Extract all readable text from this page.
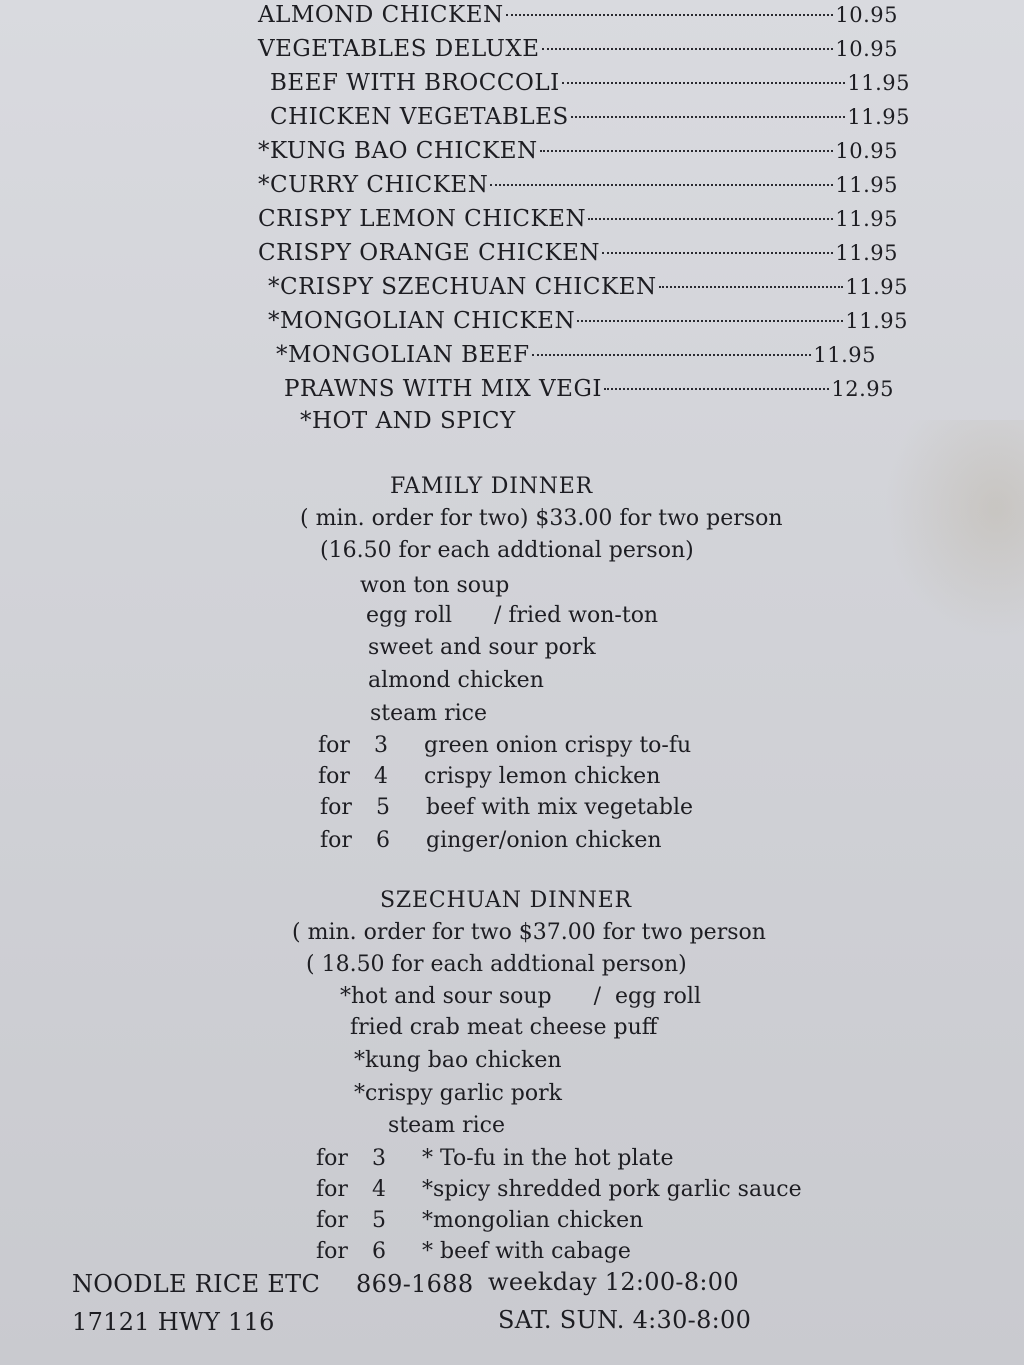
ALMOND CHICKEN	10.95
VEGETABLES DELUXE	10.95
BEEF WITH BROCCOLI	11.95
CHICKEN VEGETABLES	11.95
*KUNG BAO CHICKEN	10.95
*CURRY CHICKEN	11.95
CRISPY LEMON CHICKEN	11.95
CRISPY ORANGE CHICKEN	11.95
*CRISPY SZECHUAN CHICKEN	11.95
*MONGOLIAN CHICKEN	11.95
*MONGOLIAN BEEF	11.95
PRAWNS WITH MIX VEGI	12.95
*HOT AND SPICY
FAMILY DINNER
( min. order for two) $33.00 for two person
(16.50 for each addtional person)
won ton soup
egg roll      / fried won-ton
sweet and sour pork
almond chicken
steam rice
for 3 green onion crispy to-fu
for 4 crispy lemon chicken
for 5 beef with mix vegetable
for 6 ginger/onion chicken
SZECHUAN DINNER
( min. order for two $37.00 for two person
( 18.50 for each addtional person)
*hot and sour soup      /  egg roll
fried crab meat cheese puff
*kung bao chicken
*crispy garlic pork
steam rice
for 3 * To-fu in the hot plate
for 4 *spicy shredded pork garlic sauce
for 5 *mongolian chicken
for 6 * beef with cabage
NOODLE RICE ETC 869-1688 weekday 12:00-8:00
17121 HWY 116	SAT. SUN. 4:30-8:00
